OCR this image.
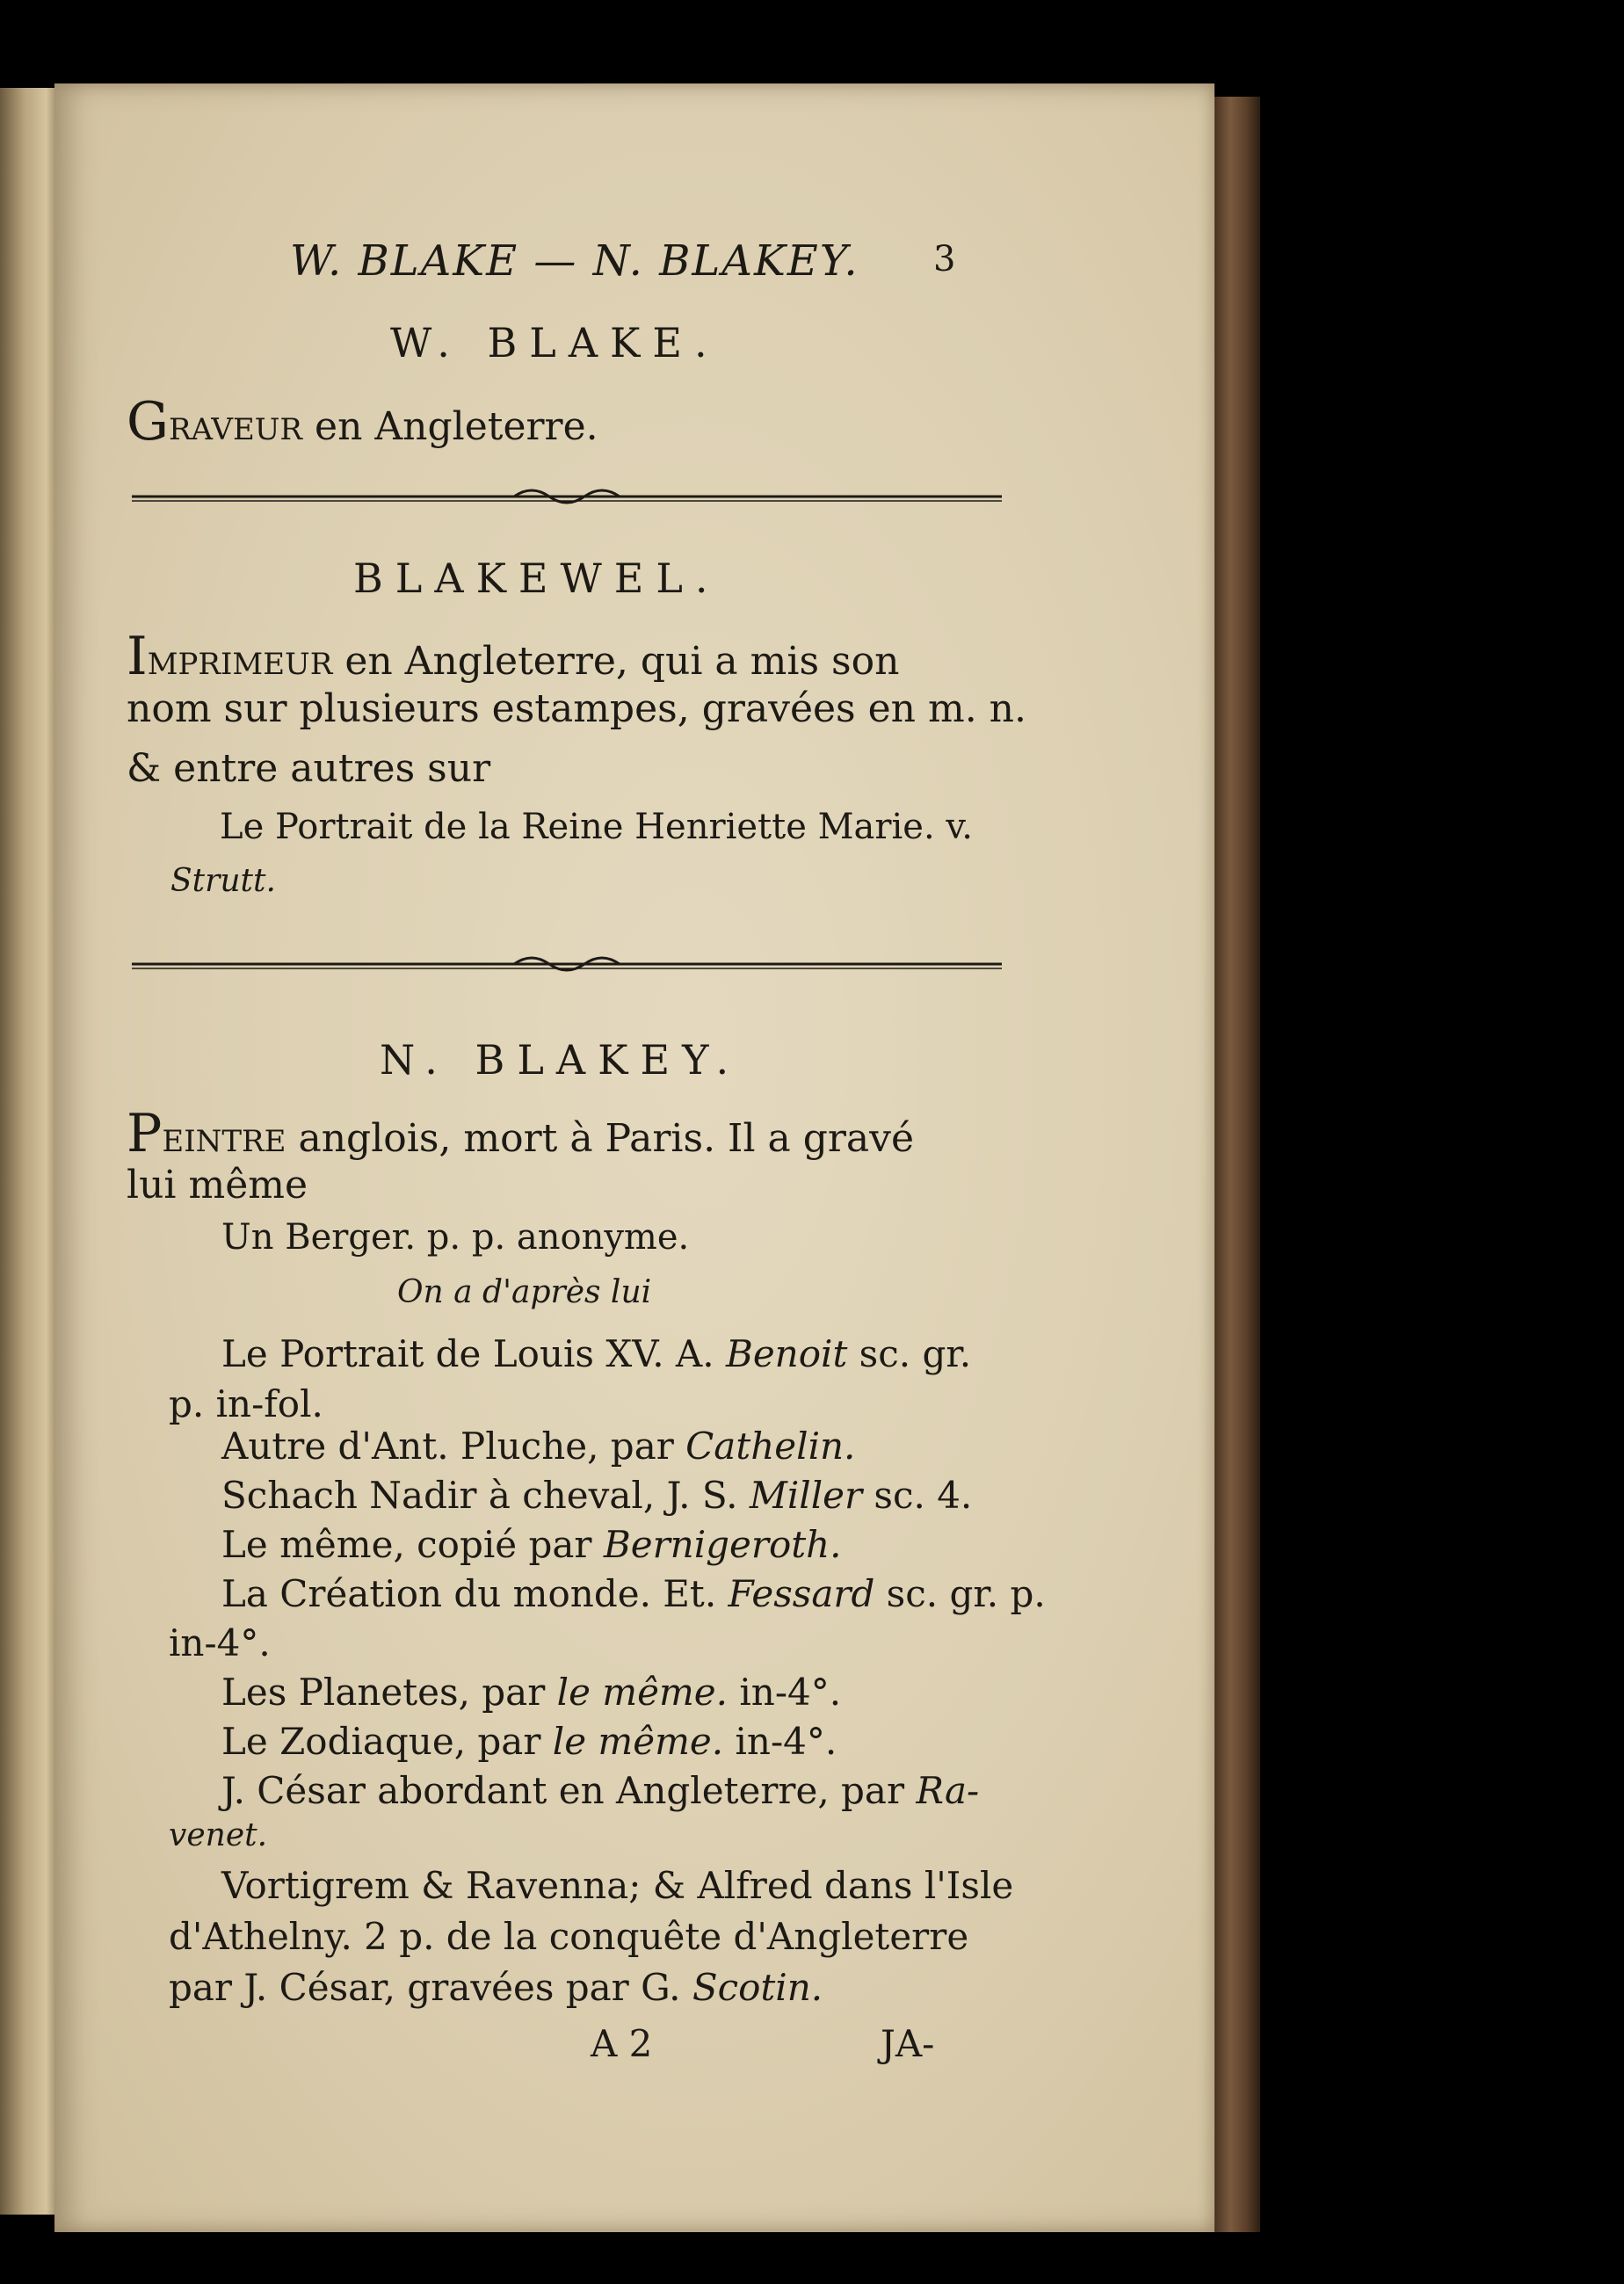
W. BLAKE — N. BLAKEY. 3
W. BLAKE.
GRAVEUR en Angleterre.
BLAKEWEL.
IMPRIMEUR en Angleterre, qui a mis son
nom sur plusieurs estampes, gravées en m. n.
& entre autres sur
Le Portrait de la Reine Henriette Marie. v.
Strutt.
N. BLAKEY.
PEINTRE anglois, mort à Paris. Il a gravé
lui même
Un Berger. p. p. anonyme.
On a d'après lui
Le Portrait de Louis XV. A. Benoit sc. gr.
p. in-fol.
Autre d'Ant. Pluche, par Cathelin.
Schach Nadir à cheval, J. S. Miller sc. 4.
Le même, copié par Bernigeroth.
La Création du monde. Et. Fessard sc. gr. p.
in-4°.
Les Planetes, par le même. in-4°.
Le Zodiaque, par le même. in-4°.
J. César abordant en Angleterre, par Ra-
venet.
Vortigrem & Ravenna; & Alfred dans l'Isle
d'Athelny. 2 p. de la conquête d'Angleterre
par J. César, gravées par G. Scotin.
A 2	JA-
